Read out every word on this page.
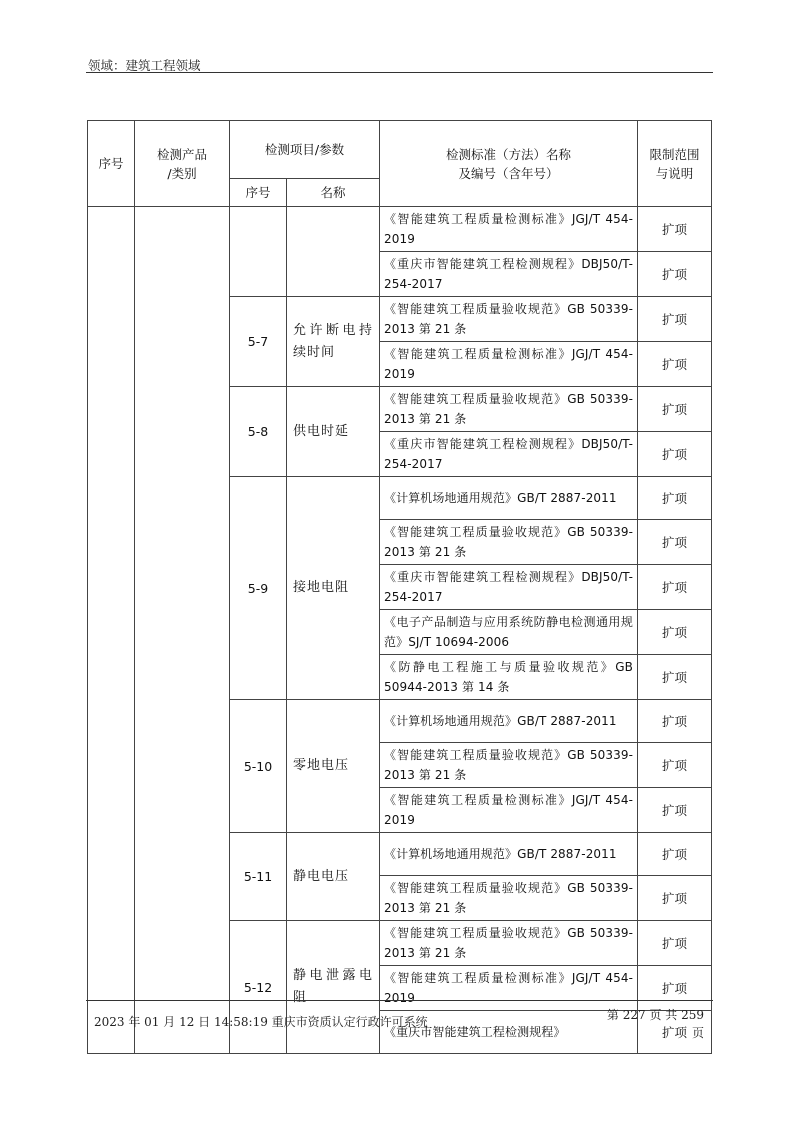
领域：建筑工程领域
序号	检测产品
/类别	检测项目/参数		检测标准（方法）名称
及编号（含年号）	限制范围
与说明

		序号	名称		
				《智能建筑工程质量检测标准》JGJ/T 454-2019	扩项
				《重庆市智能建筑工程检测规程》DBJ50/T-254-2017	扩项
		5-7	允许断电持续时间	《智能建筑工程质量验收规范》GB 50339-2013 第 21 条	扩项
				《智能建筑工程质量检测标准》JGJ/T 454-2019	扩项
		5-8	供电时延	《智能建筑工程质量验收规范》GB 50339-2013 第 21 条	扩项
				《重庆市智能建筑工程检测规程》DBJ50/T-254-2017	扩项
		5-9	接地电阻	《计算机场地通用规范》GB/T 2887-2011	扩项
				《智能建筑工程质量验收规范》GB 50339-2013 第 21 条	扩项
				《重庆市智能建筑工程检测规程》DBJ50/T-254-2017	扩项
				《电子产品制造与应用系统防静电检测通用规范》SJ/T 10694-2006	扩项
				《防静电工程施工与质量验收规范》GB 50944-2013 第 14 条	扩项
		5-10	零地电压	《计算机场地通用规范》GB/T 2887-2011	扩项
				《智能建筑工程质量验收规范》GB 50339-2013 第 21 条	扩项
				《智能建筑工程质量检测标准》JGJ/T 454-2019	扩项
		5-11	静电电压	《计算机场地通用规范》GB/T 2887-2011	扩项
				《智能建筑工程质量验收规范》GB 50339-2013 第 21 条	扩项
		5-12	静电泄露电阻	《智能建筑工程质量验收规范》GB 50339-2013 第 21 条	扩项
				《智能建筑工程质量检测标准》JGJ/T 454-2019	扩项
				《重庆市智能建筑工程检测规程》	扩项
2023 年 01 月 12 日 14:58:19 重庆市资质认定行政许可系统	第 227 页 共 259
页
